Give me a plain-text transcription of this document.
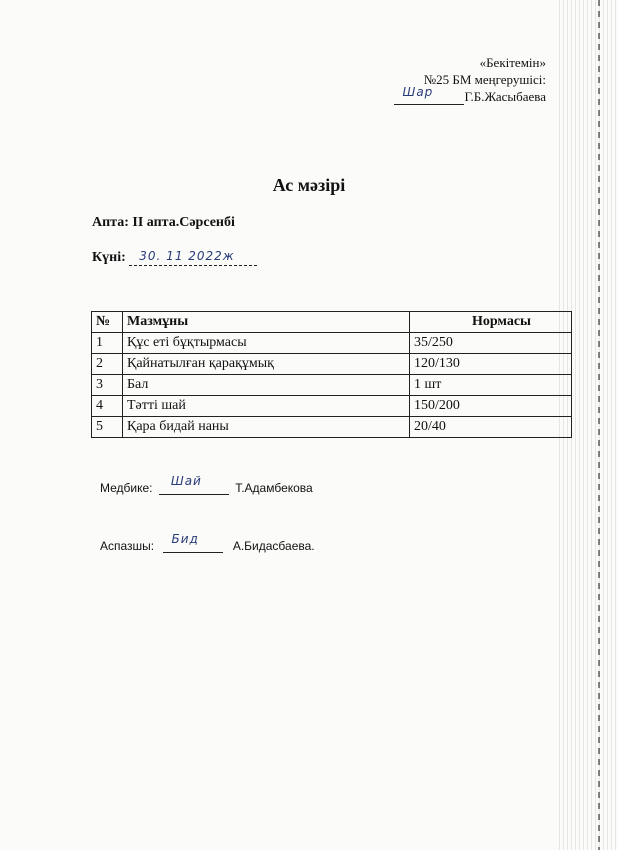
«Бекітемін»
№25 БМ меңгерушісі:
Шар Г.Б.Жасыбаева
Ас мәзірі
Апта: ІІ апта.Сәрсенбі
Күні: 30. 11 2022ж
№	Мазмұны	Нормасы
1	Құс еті бұқтырмасы	35/250
2	Қайнатылған қарақұмық	120/130
3	Бал	1 шт
4	Тәтті шай	150/200
5	Қара бидай наны	20/40
Медбике: Шай	Т.Адамбекова
Аспазшы: Бид	А.Бидасбаева.
